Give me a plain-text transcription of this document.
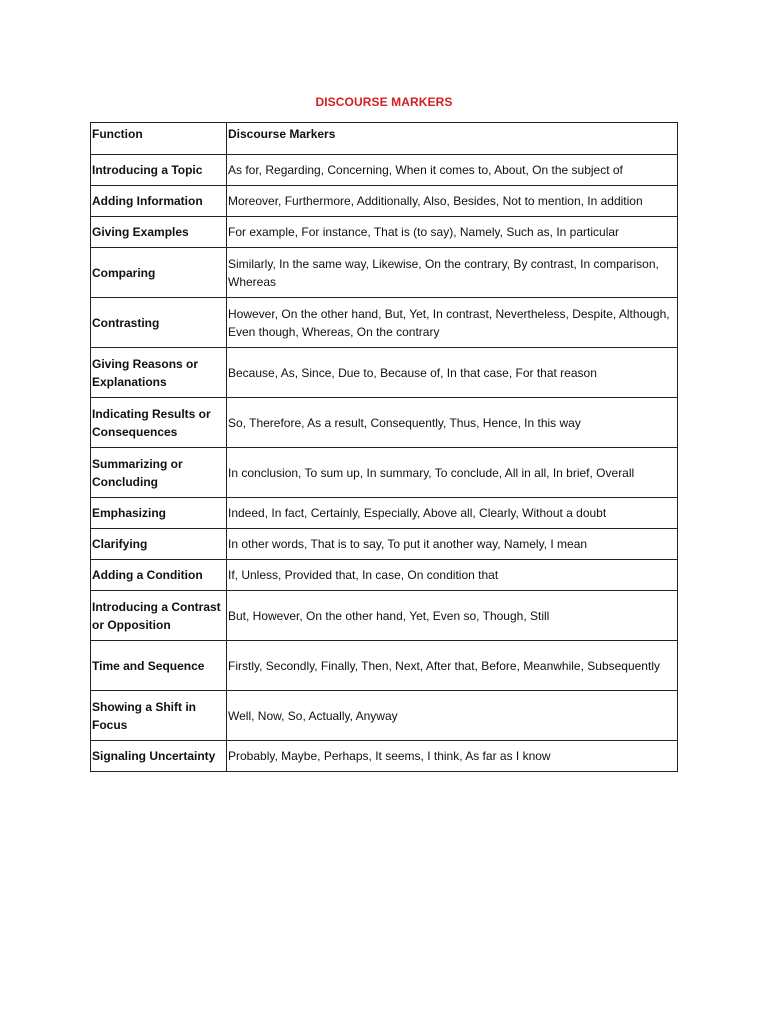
DISCOURSE MARKERS
Function	Discourse Markers
Introducing a Topic	As for, Regarding, Concerning, When it comes to, About, On the subject of
Adding Information	Moreover, Furthermore, Additionally, Also, Besides, Not to mention, In addition
Giving Examples	For example, For instance, That is (to say), Namely, Such as, In particular
Comparing	Similarly, In the same way, Likewise, On the contrary, By contrast, In comparison, Whereas
Contrasting	However, On the other hand, But, Yet, In contrast, Nevertheless, Despite, Although, Even though, Whereas, On the contrary
Giving Reasons or Explanations	Because, As, Since, Due to, Because of, In that case, For that reason
Indicating Results or Consequences	So, Therefore, As a result, Consequently, Thus, Hence, In this way
Summarizing or Concluding	In conclusion, To sum up, In summary, To conclude, All in all, In brief, Overall
Emphasizing	Indeed, In fact, Certainly, Especially, Above all, Clearly, Without a doubt
Clarifying	In other words, That is to say, To put it another way, Namely, I mean
Adding a Condition	If, Unless, Provided that, In case, On condition that
Introducing a Contrast or Opposition	But, However, On the other hand, Yet, Even so, Though, Still
Time and Sequence	Firstly, Secondly, Finally, Then, Next, After that, Before, Meanwhile, Subsequently
Showing a Shift in Focus	Well, Now, So, Actually, Anyway
Signaling Uncertainty	Probably, Maybe, Perhaps, It seems, I think, As far as I know
